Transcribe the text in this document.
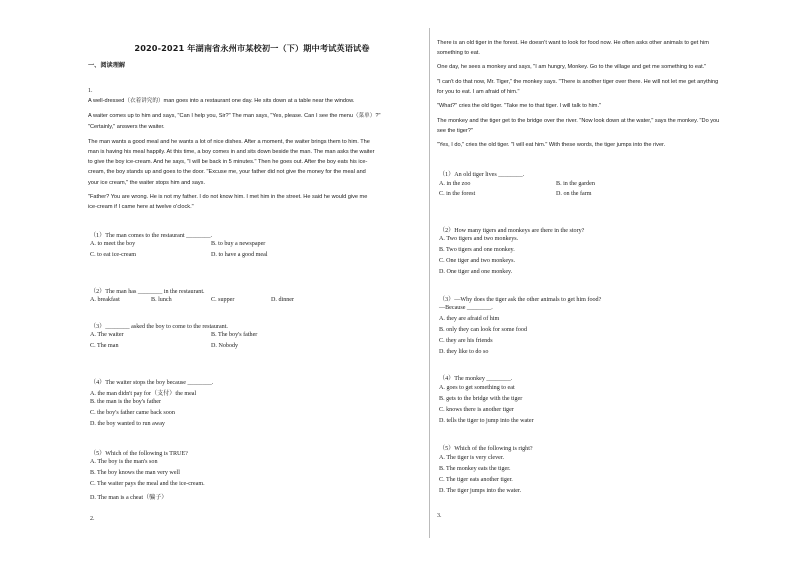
2020-2021 年湖南省永州市某校初一（下）期中考试英语试卷
一、阅读理解
1.
A well-dressed（衣着讲究的）man goes into a restaurant one day. He sits down at a table near the window.
A waiter comes up to him and says, "Can I help you, Sir?" The man says, "Yes, please. Can I see the menu（菜单）?"
"Certainly," answers the waiter.
The man wants a good meal and he wants a lot of nice dishes. After a moment, the waiter brings them to him. The
man is having his meal happily. At this time, a boy comes in and sits down beside the man. The man asks the waiter
to give the boy ice-cream. And he says, "I will be back in 5 minutes." Then he goes out. After the boy eats his ice-
cream, the boy stands up and goes to the door. "Excuse me, your father did not give the money for the meal and
your ice cream," the waiter stops him and says.
"Father? You are wrong. He is not my father. I do not know him. I met him in the street. He said he would give me
ice-cream if I came here at twelve o'clock."
（1）The man comes to the restaurant ________.
A. to meet the boy	B. to buy a newspaper
C. to eat ice-cream	D. to have a good meal
（2）The man has ________ in the restaurant.
A. breakfast	B. lunch	C. supper	D. dinner
（3）________ asked the boy to come to the restaurant.
A. The waiter	B. The boy's father
C. The man	D. Nobody
（4）The waiter stops the boy because ________.
A. the man didn't pay for（支付）the meal
B. the man is the boy's father
C. the boy's father came back soon
D. the boy wanted to run away
（5）Which of the following is TRUE?
A. The boy is the man's son
B. The boy knows the man very well
C. The waiter pays the meal and the ice-cream.
D. The man is a cheat（骗子）
2.
There is an old tiger in the forest. He doesn't want to look for food now. He often asks other animals to get him
something to eat.
One day, he sees a monkey and says, "I am hungry, Monkey. Go to the village and get me something to eat."
"I can't do that now, Mr. Tiger," the monkey says. "There is another tiger over there. He will not let me get anything
for you to eat. I am afraid of him."
"What?" cries the old tiger. "Take me to that tiger. I will talk to him."
The monkey and the tiger get to the bridge over the river. "Now look down at the water," says the monkey. "Do you
see the tiger?"
"Yes, I do," cries the old tiger. "I will eat him." With these words, the tiger jumps into the river.
（1）An old tiger lives ________.
A. in the zoo	B. in the garden
C. in the forest	D. on the farm
（2）How many tigers and monkeys are there in the story?
A. Two tigers and two monkeys.
B. Two tigers and one monkey.
C. One tiger and two monkeys.
D. One tiger and one monkey.
（3）—Why does the tiger ask the other animals to get him food?
—Because ________.
A. they are afraid of him
B. only they can look for some food
C. they are his friends
D. they like to do so
（4）The monkey ________.
A. goes to get something to eat
B. gets to the bridge with the tiger
C. knows there is another tiger
D. tells the tiger to jump into the water
（5）Which of the following is right?
A. The tiger is very clever.
B. The monkey eats the tiger.
C. The tiger eats another tiger.
D. The tiger jumps into the water.
3.
